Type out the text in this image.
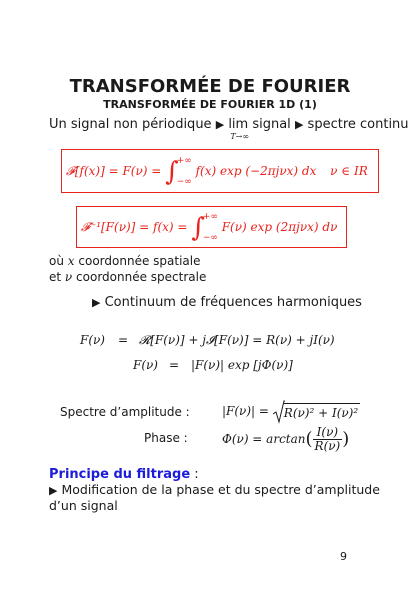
TRANSFORMÉE DE FOURIER
TRANSFORMÉE DE FOURIER 1D (1)
Un signal non périodique ▶ lim signal
T→∞
▶ spectre continu
𝓕[f(x)] = F(ν) = ∫
+∞
−∞
f(x) exp (−2πjνx) dx ν ∈ IR
𝓕⁻¹[F(ν)] = f(x) = ∫
+∞
−∞
F(ν) exp (2πjνx) dν
où x coordonnée spatiale
et ν coordonnée spectrale
▶ Continuum de fréquences harmoniques
F(ν) = 𝓡[F(ν)] + j𝓘[F(ν)] = R(ν) + jI(ν)
F(ν) = |F(ν)| exp [jΦ(ν)]
Spectre d’amplitude :	|F(ν)| = R(ν)² + I(ν)²
Phase :	$\Phi(\nu) = \arctan( \frac{I(\nu)}{R(\nu)}$ )
Principe du filtrage :
▶ Modification de la phase et du spectre d’amplitude
d’un signal
9
